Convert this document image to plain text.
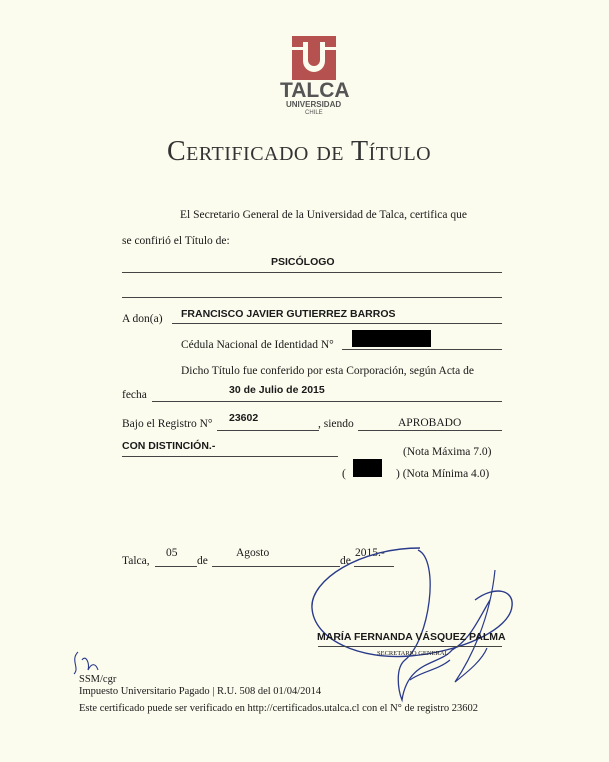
TALCA
UNIVERSIDAD
CHILE
Certificado de Título
El Secretario General de la Universidad de Talca, certifica que
se confirió el Título de:
PSICÓLOGO
A don(a) FRANCISCO JAVIER GUTIERREZ BARROS
Cédula Nacional de Identidad N°
Dicho Título fue conferido por esta Corporación, según Acta de
fecha	30 de Julio de 2015
Bajo el Registro N° 23602	, siendo	APROBADO
CON DISTINCIÓN.-	(Nota Máxima 7.0)
(	) (Nota Mínima 4.0)
Talca,
05
de
Agosto
de
2015.-
MARÍA FERNANDA VÁSQUEZ PALMA
SECRETARIO GENERAL
SSM/cgr
Impuesto Universitario Pagado | R.U. 508 del 01/04/2014
Este certificado puede ser verificado en http://certificados.utalca.cl con el N° de registro 23602
